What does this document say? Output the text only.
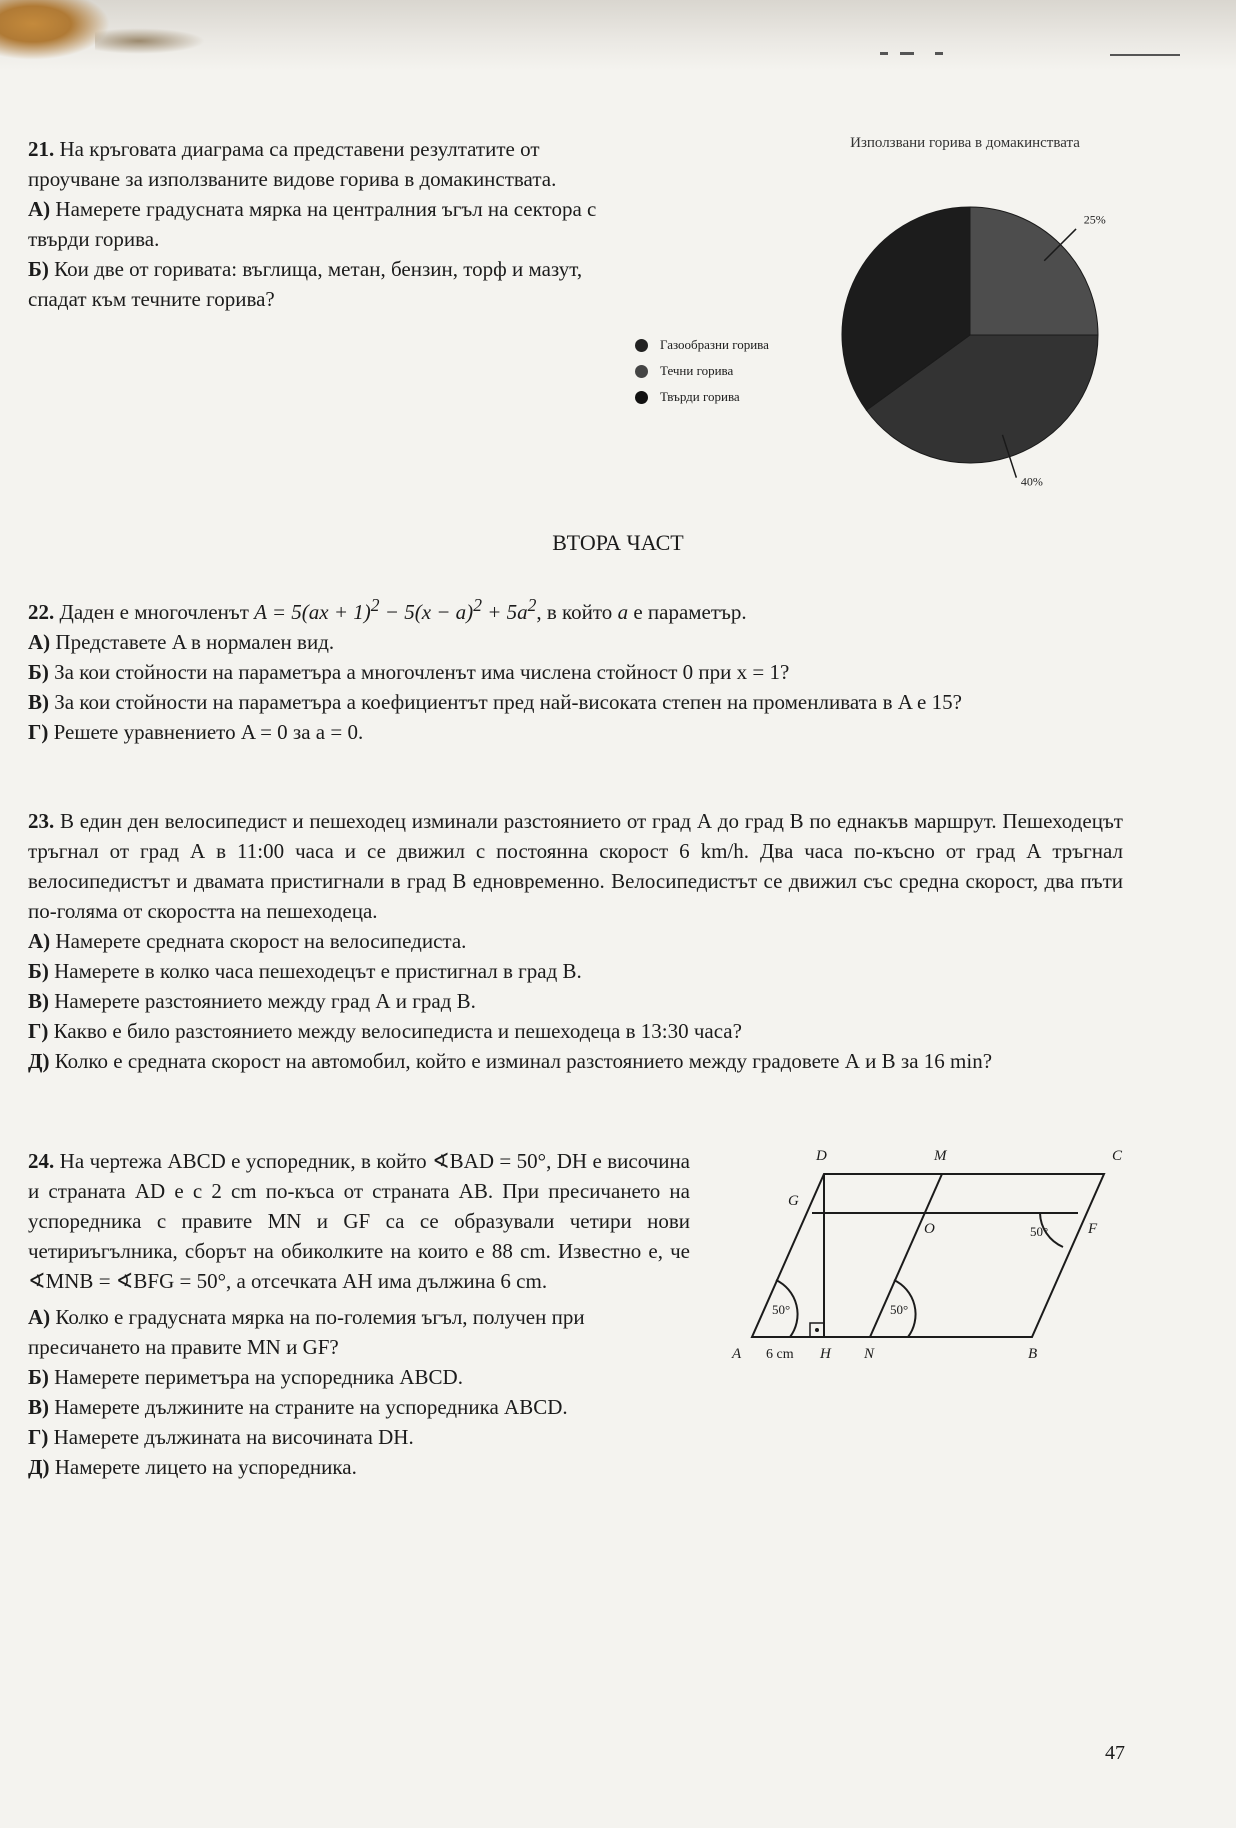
21. На кръговата диаграма са представени резултатите от проучване за използваните видове горива в домакинствата.

А) Намерете градусната мярка на централния ъгъл на сектора с твърди горива.

Б) Кои две от горивата: въглища, метан, бензин, торф и мазут, спадат към течните горива?

Използвани горива в домакинствата
25%
40%
Газообразни горива
Течни горива
Твърди горива
ВТОРА ЧАСТ

22. Даден е многочленът $A = 5(ax + 1)^2 - 5(x - a)^2 + 5a^2$, в който a е параметър.

А) Представете A в нормален вид.

Б) За кои стойности на параметъра a многочленът има числена стойност 0 при x = 1?

В) За кои стойности на параметъра a коефициентът пред най-високата степен на променливата в A е 15?

Г) Решете уравнението A = 0 за a = 0.

23. В един ден велосипедист и пешеходец изминали разстоянието от град А до град В по еднакъв маршрут. Пешеходецът тръгнал от град А в 11:00 часа и се движил с постоянна скорост 6 km/h. Два часа по-късно от град А тръгнал велосипедистът и двамата пристигнали в град В едновременно. Велосипедистът се движил със средна скорост, два пъти по-голяма от скоростта на пешеходеца.

А) Намерете средната скорост на велосипедиста.

Б) Намерете в колко часа пешеходецът е пристигнал в град В.

В) Намерете разстоянието между град А и град В.

Г) Какво е било разстоянието между велосипедиста и пешеходеца в 13:30 часа?

Д) Колко е средната скорост на автомобил, който е изминал разстоянието между градовете А и В за 16 min?

24. На чертежа ABCD е успоредник, в който ∢BAD = 50°, DH е височина и страната AD е с 2 cm по-къса от страната AB. При пресичането на успоредника с правите MN и GF са се образували четири нови четириъгълника, сборът на обиколките на които е 88 cm. Известно е, че ∢MNB = ∢BFG = 50°, а отсечката AH има дължина 6 cm.

А) Колко е градусната мярка на по-големия ъгъл, получен при пресичането на правите MN и GF?

Б) Намерете периметъра на успоредника ABCD.

В) Намерете дължините на страните на успоредника ABCD.

Г) Намерете дължината на височината DH.

Д) Намерете лицето на успоредника.

D	M	C
G
O	F
A	H N	B
50°	50°
50°
6 cm
47
